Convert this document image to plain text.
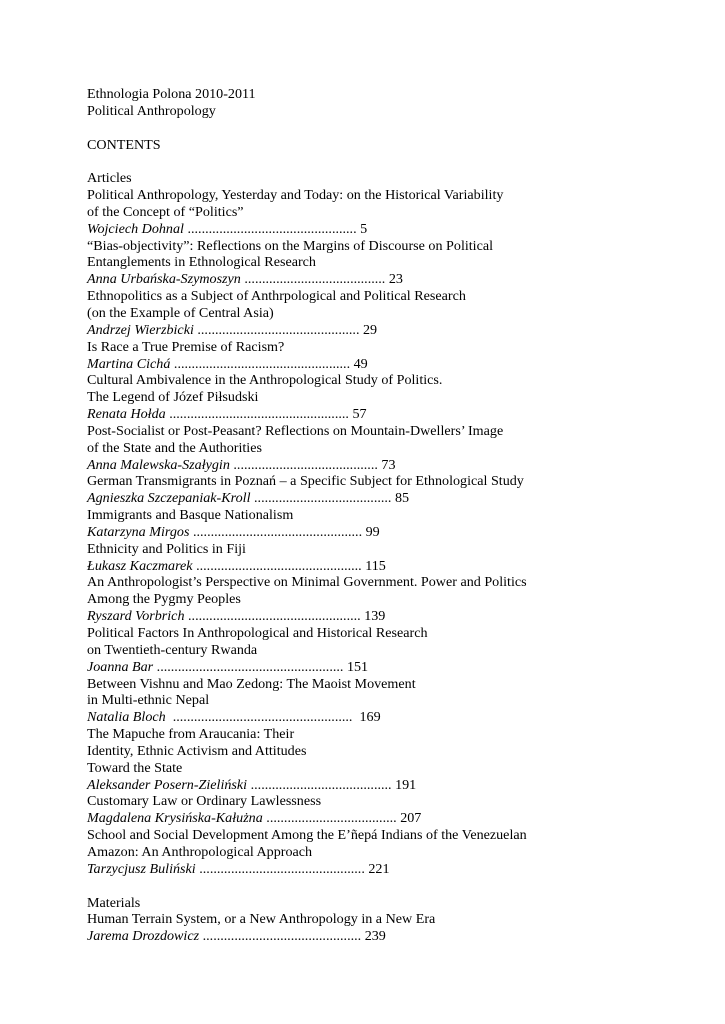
Ethnologia Polona 2010-2011
Political Anthropology
CONTENTS
Articles
Political Anthropology, Yesterday and Today: on the Historical Variability
of the Concept of “Politics”
Wojciech Dohnal ................................................ 5
“Bias-objectivity”: Reflections on the Margins of Discourse on Political
Entanglements in Ethnological Research
Anna Urbańska-Szymoszyn ........................................ 23
Ethnopolitics as a Subject of Anthrpological and Political Research
(on the Example of Central Asia)
Andrzej Wierzbicki .............................................. 29
Is Race a True Premise of Racism?
Martina Cichá .................................................. 49
Cultural Ambivalence in the Anthropological Study of Politics.
The Legend of Józef Piłsudski
Renata Hołda ................................................... 57
Post-Socialist or Post-Peasant? Reflections on Mountain-Dwellers’ Image
of the State and the Authorities
Anna Malewska-Szałygin ......................................... 73
German Transmigrants in Poznań – a Specific Subject for Ethnological Study
Agnieszka Szczepaniak-Kroll ....................................... 85
Immigrants and Basque Nationalism
Katarzyna Mirgos ................................................ 99
Ethnicity and Politics in Fiji
Łukasz Kaczmarek ............................................... 115
An Anthropologist’s Perspective on Minimal Government. Power and Politics
Among the Pygmy Peoples
Ryszard Vorbrich ................................................. 139
Political Factors In Anthropological and Historical Research
on Twentieth-century Rwanda
Joanna Bar ..................................................... 151
Between Vishnu and Mao Zedong: The Maoist Movement
in Multi-ethnic Nepal
Natalia Bloch  ...................................................  169
The Mapuche from Araucania: Their
Identity, Ethnic Activism and Attitudes
Toward the State
Aleksander Posern-Zieliński ........................................ 191
Customary Law or Ordinary Lawlessness
Magdalena Krysińska-Kałużna ..................................... 207
School and Social Development Among the E’ñepá Indians of the Venezuelan
Amazon: An Anthropological Approach
Tarzycjusz Buliński ............................................... 221
Materials
Human Terrain System, or a New Anthropology in a New Era
Jarema Drozdowicz ............................................. 239
